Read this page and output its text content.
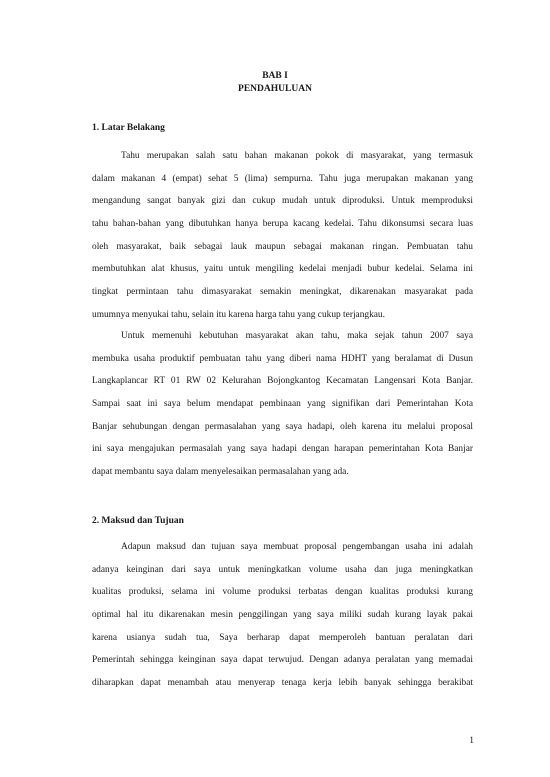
BAB I
PENDAHULUAN
1. Latar Belakang
Tahu merupakan salah satu bahan makanan pokok di masyarakat, yang termasuk
dalam makanan 4 (empat) sehat 5 (lima) sempurna. Tahu juga merupakan makanan yang
mengandung sangat banyak gizi dan cukup mudah untuk diproduksi. Untuk memproduksi
tahu bahan-bahan yang dibutuhkan hanya berupa kacang kedelai. Tahu dikonsumsi secara luas
oleh masyarakat, baik sebagai lauk maupun sebagai makanan ringan. Pembuatan tahu
membutuhkan alat khusus, yaitu untuk mengiling kedelai menjadi bubur kedelai. Selama ini
tingkat permintaan tahu dimasyarakat semakin meningkat, dikarenakan masyarakat pada
umumnya menyukai tahu, selain itu karena harga tahu yang cukup terjangkau.
Untuk memenuhi kebutuhan masyarakat akan tahu, maka sejak tahun 2007 saya
membuka usaha produktif pembuatan tahu yang diberi nama HDHT yang beralamat di Dusun
Langkaplancar RT 01 RW 02 Kelurahan Bojongkantog Kecamatan Langensari Kota Banjar.
Sampai saat ini saya belum mendapat pembinaan yang signifikan dari Pemerintahan Kota
Banjar sehubungan dengan permasalahan yang saya hadapi, oleh karena itu melalui proposal
ini saya mengajukan permasalah yang saya hadapi dengan harapan pemerintahan Kota Banjar
dapat membantu saya dalam menyelesaikan permasalahan yang ada.
2. Maksud dan Tujuan
Adapun maksud dan tujuan saya membuat proposal pengembangan usaha ini adalah
adanya keinginan dari saya untuk meningkatkan volume usaha dan juga meningkatkan
kualitas produksi, selama ini volume produksi terbatas dengan kualitas produksi kurang
optimal hal itu dikarenakan mesin penggilingan yang saya miliki sudah kurang layak pakai
karena usianya sudah tua, Saya berharap dapat memperoleh bantuan peralatan dari
Pemerintah sehingga keinginan saya dapat terwujud. Dengan adanya peralatan yang memadai
diharapkan dapat menambah atau menyerap tenaga kerja lebih banyak sehingga berakibat
1
